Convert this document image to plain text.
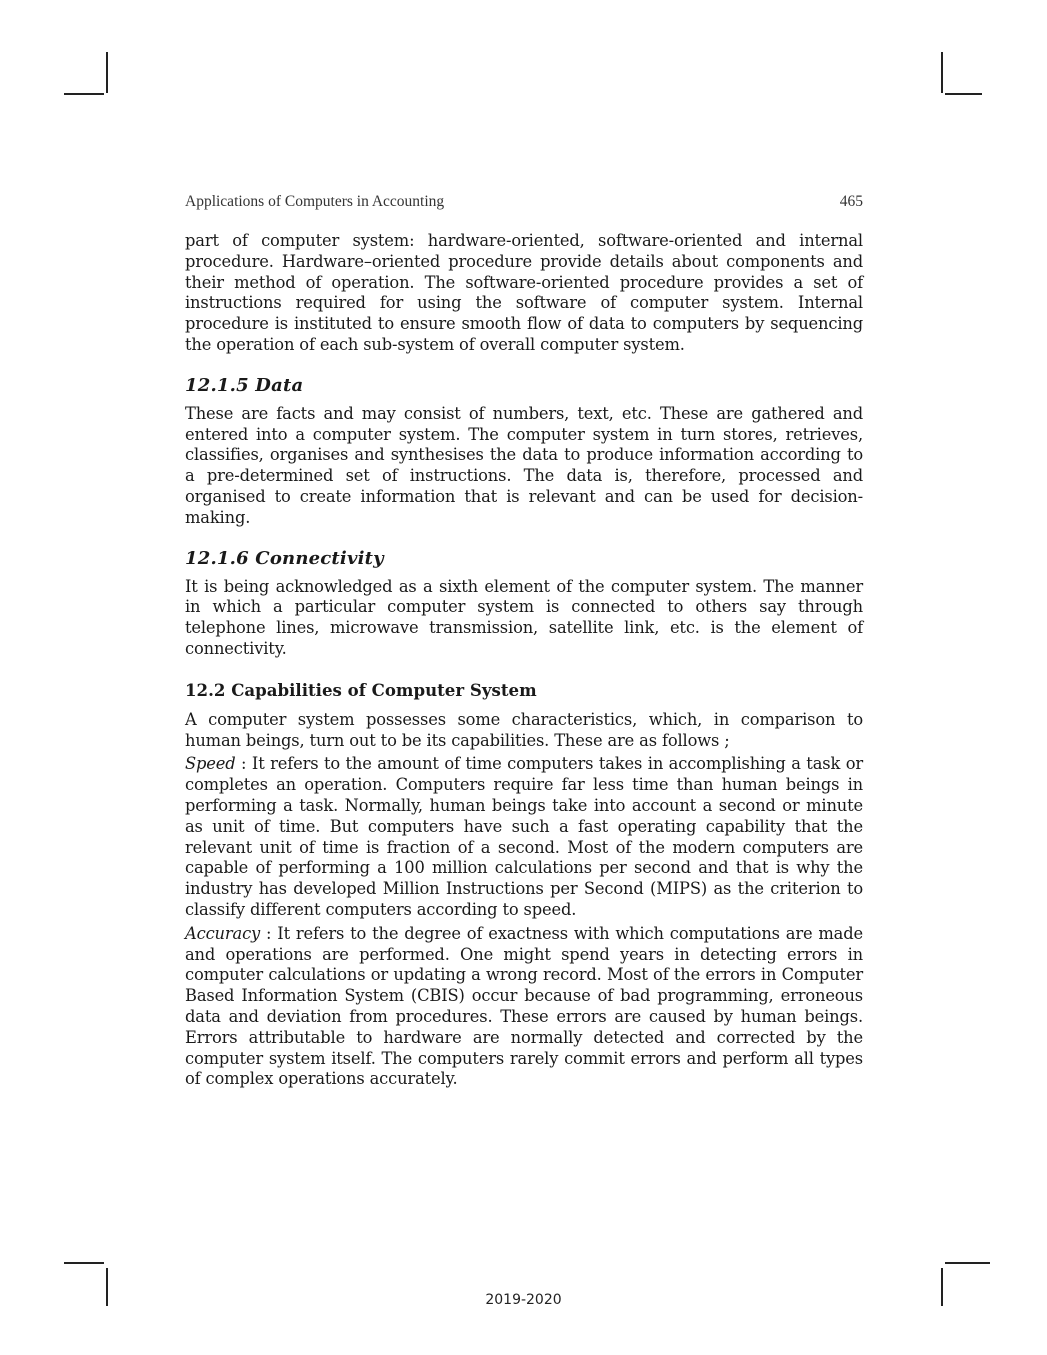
Applications of Computers in Accounting	465

part of computer system: hardware-oriented, software-oriented and internal procedure. Hardware–oriented procedure provide details about components and their method of operation. The software-oriented procedure provides a set of instructions required for using the software of computer system. Internal procedure is instituted to ensure smooth flow of data to computers by sequencing the operation of each sub-system of overall computer system.

12.1.5 Data

These are facts and may consist of numbers, text, etc. These are gathered and entered into a computer system. The computer system in turn stores, retrieves, classifies, organises and synthesises the data to produce information according to a pre-determined set of instructions. The data is, therefore, processed and organised to create information that is relevant and can be used for decision-making.

12.1.6 Connectivity

It is being acknowledged as a sixth element of the computer system. The manner in which a particular computer system is connected to others say through telephone lines, microwave transmission, satellite link, etc. is the element of connectivity.

12.2 Capabilities of Computer System

A computer system possesses some characteristics, which, in comparison to human beings, turn out to be its capabilities. These are as follows ;

Speed : It refers to the amount of time computers takes in accomplishing a task or completes an operation. Computers require far less time than human beings in performing a task. Normally, human beings take into account a second or minute as unit of time. But computers have such a fast operating capability that the relevant unit of time is fraction of a second. Most of the modern computers are capable of performing a 100 million calculations per second and that is why the industry has developed Million Instructions per Second (MIPS) as the criterion to classify different computers according to speed.

Accuracy : It refers to the degree of exactness with which computations are made and operations are performed. One might spend years in detecting errors in computer calculations or updating a wrong record. Most of the errors in Computer Based Information System (CBIS) occur because of bad programming, erroneous data and deviation from procedures. These errors are caused by human beings. Errors attributable to hardware are normally detected and corrected by the computer system itself. The computers rarely commit errors and perform all types of complex operations accurately.

2019-2020
